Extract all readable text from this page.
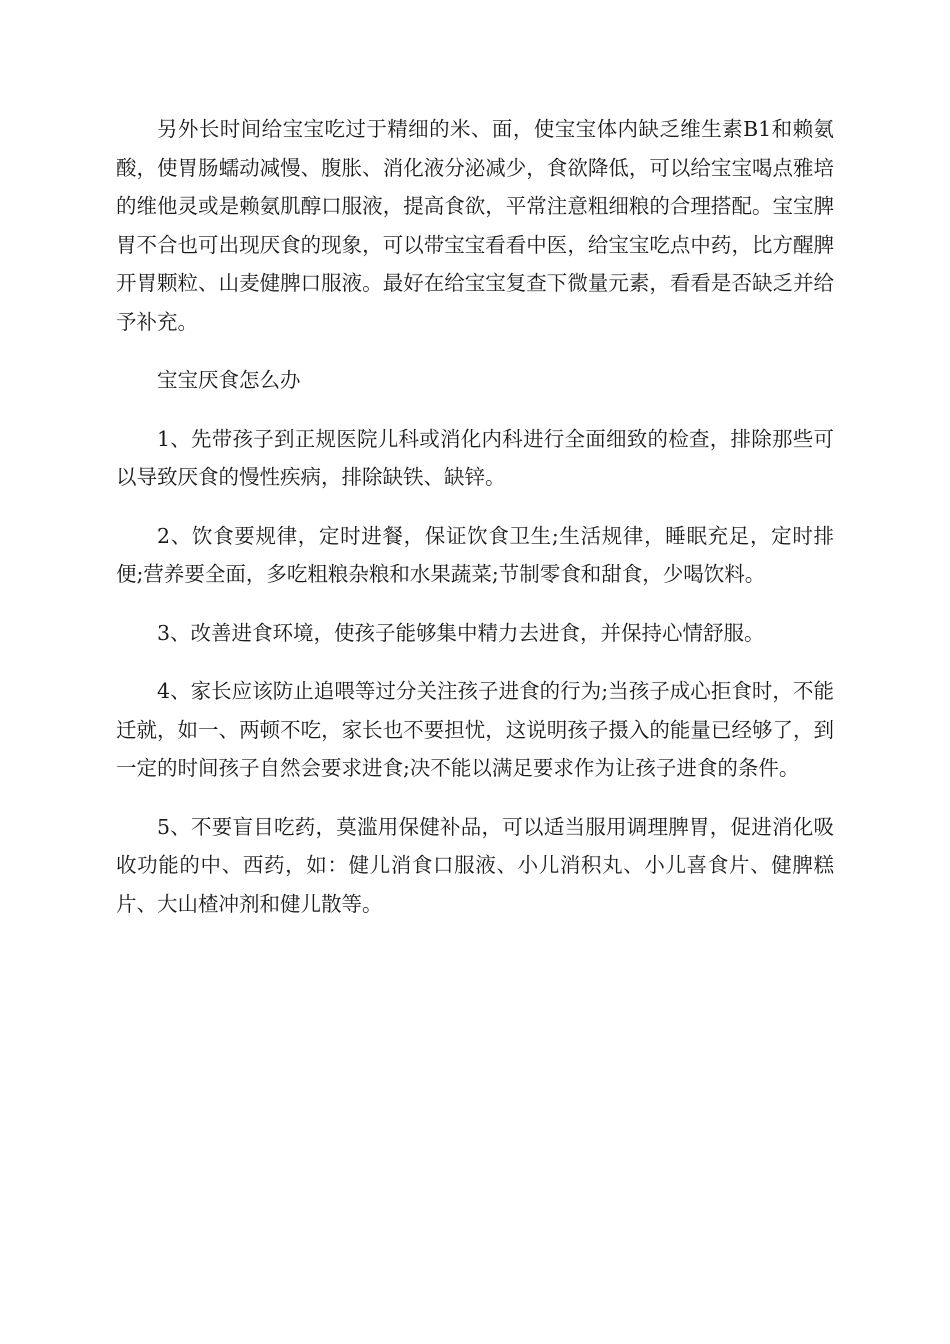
另外长时间给宝宝吃过于精细的米、面，使宝宝体内缺乏维生素B1和赖氨酸，使胃肠蠕动减慢、腹胀、消化液分泌减少，食欲降低，可以给宝宝喝点雅培的维他灵或是赖氨肌醇口服液，提高食欲，平常注意粗细粮的合理搭配。宝宝脾胃不合也可出现厌食的现象，可以带宝宝看看中医，给宝宝吃点中药，比方醒脾开胃颗粒、山麦健脾口服液。最好在给宝宝复查下微量元素，看看是否缺乏并给予补充。

宝宝厌食怎么办

1、先带孩子到正规医院儿科或消化内科进行全面细致的检查，排除那些可以导致厌食的慢性疾病，排除缺铁、缺锌。

2、饮食要规律，定时进餐，保证饮食卫生;生活规律，睡眠充足，定时排便;营养要全面，多吃粗粮杂粮和水果蔬菜;节制零食和甜食，少喝饮料。

3、改善进食环境，使孩子能够集中精力去进食，并保持心情舒服。

4、家长应该防止追喂等过分关注孩子进食的行为;当孩子成心拒食时，不能迁就，如一、两顿不吃，家长也不要担忧，这说明孩子摄入的能量已经够了，到一定的时间孩子自然会要求进食;决不能以满足要求作为让孩子进食的条件。

5、不要盲目吃药，莫滥用保健补品，可以适当服用调理脾胃，促进消化吸收功能的中、西药，如：健儿消食口服液、小儿消积丸、小儿喜食片、健脾糕片、大山楂冲剂和健儿散等。
